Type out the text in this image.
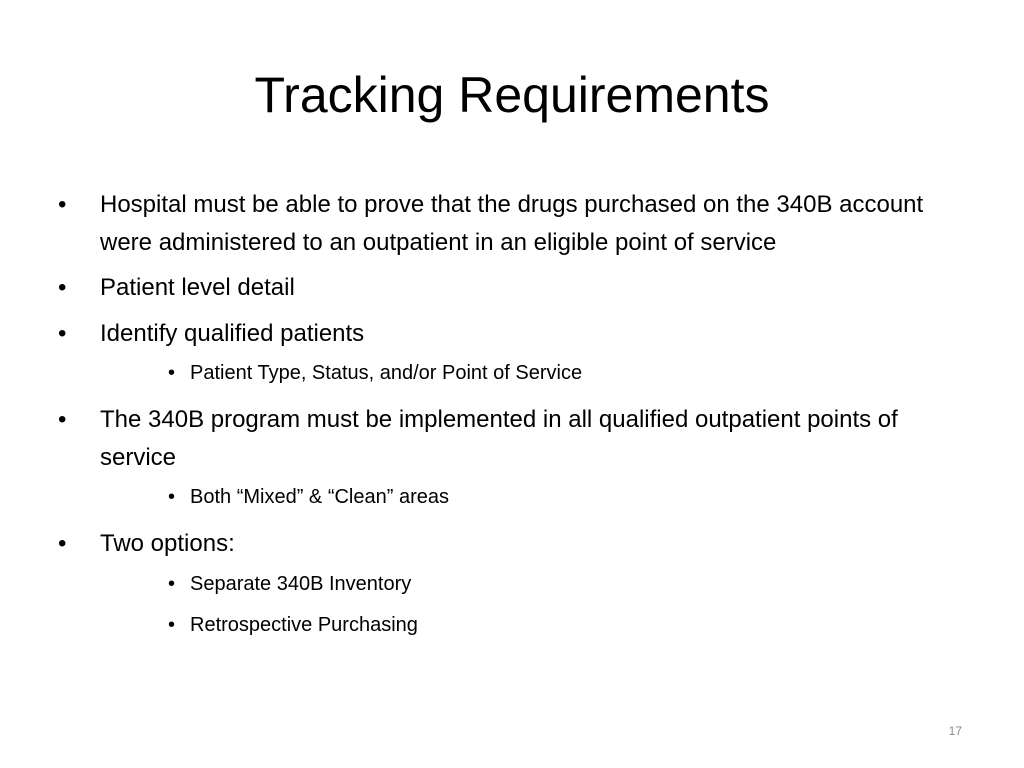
Tracking Requirements
• Hospital must be able to prove that the drugs purchased on the 340B account were administered to an outpatient in an eligible point of service
• Patient level detail
• Identify qualified patients
• Patient Type, Status, and/or Point of Service
• The 340B program must be implemented in all qualified outpatient points of service
• Both “Mixed” & “Clean” areas
• Two options:
• Separate 340B Inventory
• Retrospective Purchasing
17
